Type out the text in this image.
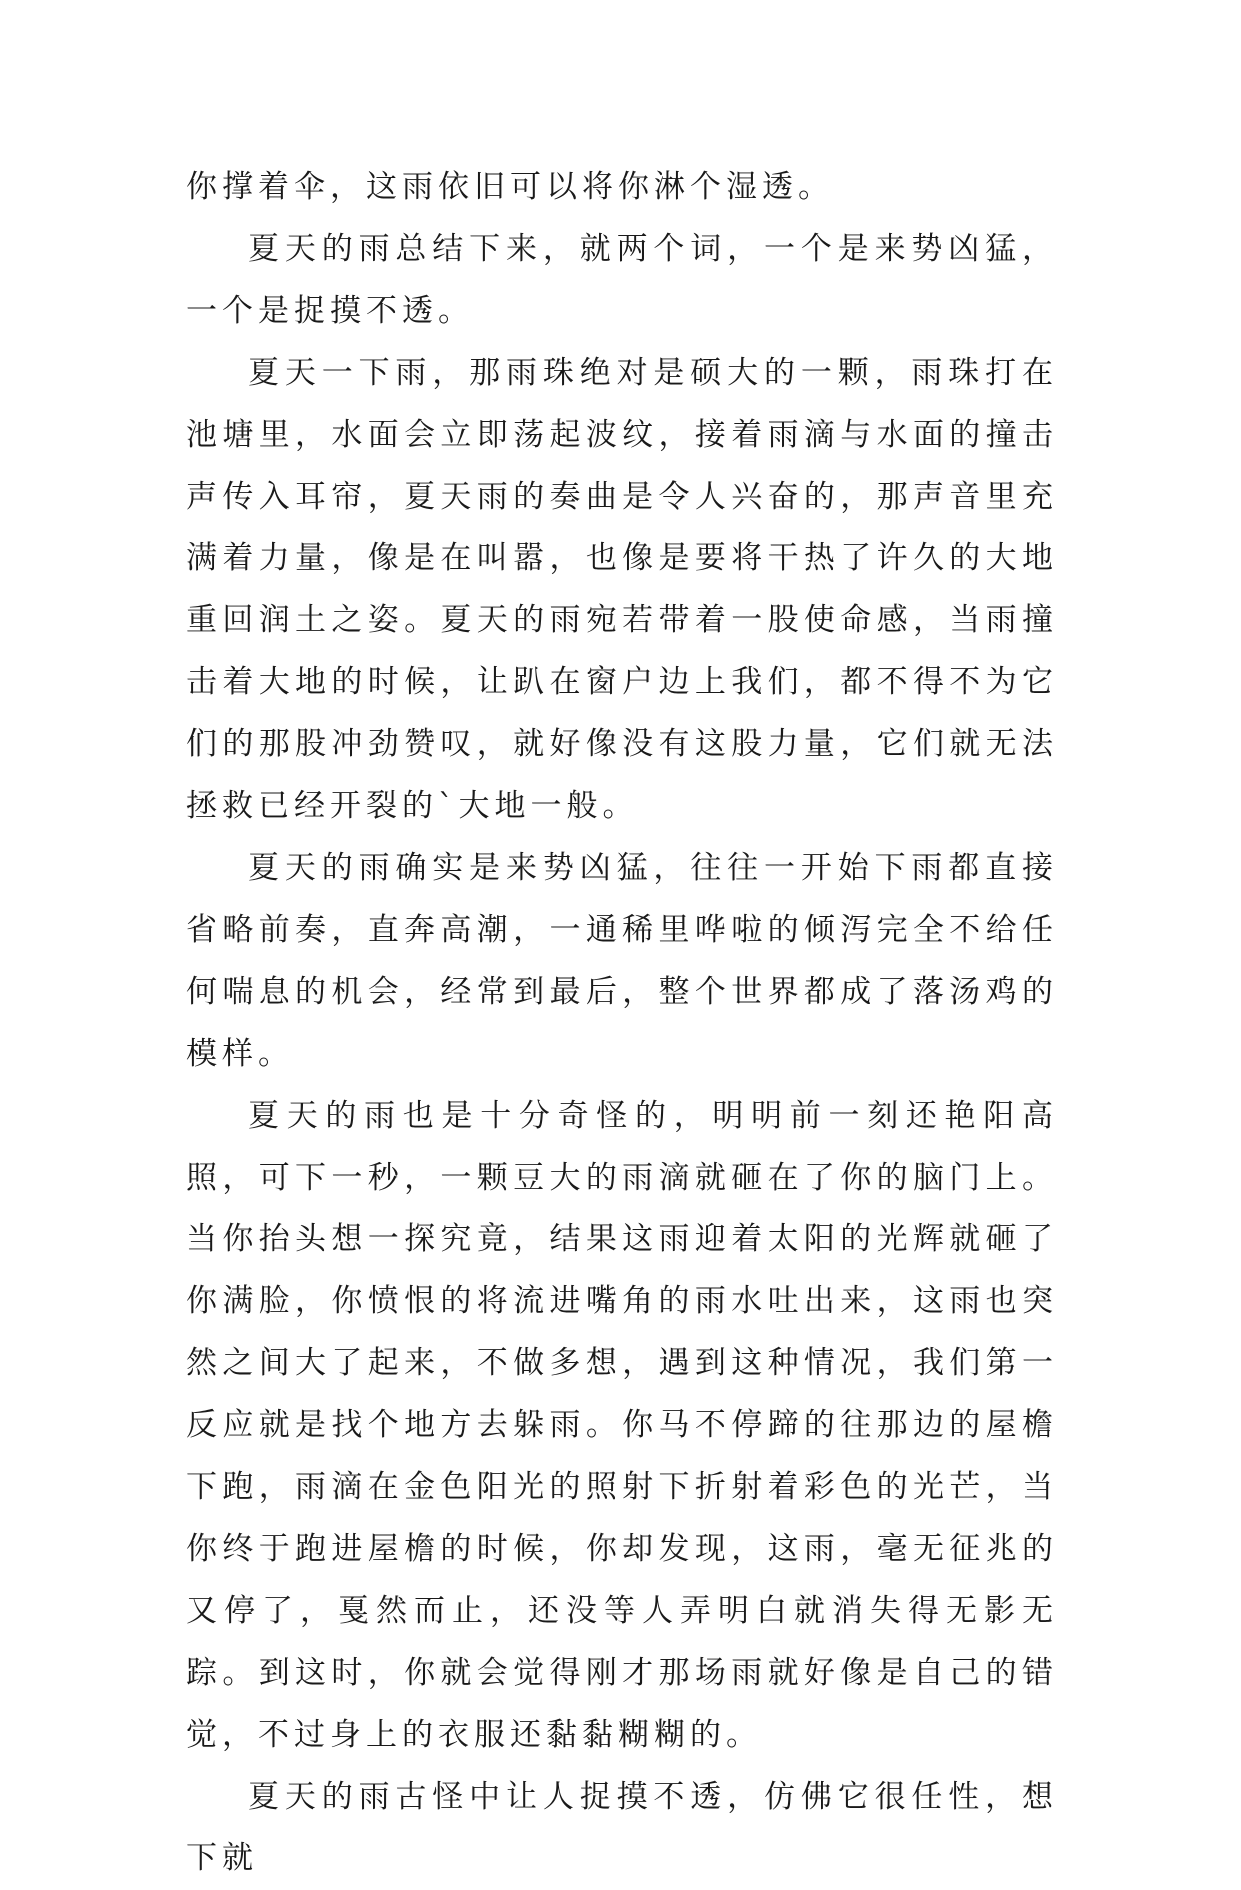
你撑着伞，这雨依旧可以将你淋个湿透。

夏天的雨总结下来，就两个词，一个是来势凶猛，一个是捉摸不透。

夏天一下雨，那雨珠绝对是硕大的一颗，雨珠打在池塘里，水面会立即荡起波纹，接着雨滴与水面的撞击声传入耳帘，夏天雨的奏曲是令人兴奋的，那声音里充满着力量，像是在叫嚣，也像是要将干热了许久的大地重回润土之姿。夏天的雨宛若带着一股使命感，当雨撞击着大地的时候，让趴在窗户边上我们，都不得不为它们的那股冲劲赞叹，就好像没有这股力量，它们就无法拯救已经开裂的`大地一般。

夏天的雨确实是来势凶猛，往往一开始下雨都直接省略前奏，直奔高潮，一通稀里哗啦的倾泻完全不给任何喘息的机会，经常到最后，整个世界都成了落汤鸡的模样。

夏天的雨也是十分奇怪的，明明前一刻还艳阳高照，可下一秒，一颗豆大的雨滴就砸在了你的脑门上。当你抬头想一探究竟，结果这雨迎着太阳的光辉就砸了你满脸，你愤恨的将流进嘴角的雨水吐出来，这雨也突然之间大了起来，不做多想，遇到这种情况，我们第一反应就是找个地方去躲雨。你马不停蹄的往那边的屋檐下跑，雨滴在金色阳光的照射下折射着彩色的光芒，当你终于跑进屋檐的时候，你却发现，这雨，毫无征兆的又停了，戛然而止，还没等人弄明白就消失得无影无踪。到这时，你就会觉得刚才那场雨就好像是自己的错觉，不过身上的衣服还黏黏糊糊的。

夏天的雨古怪中让人捉摸不透，仿佛它很任性，想下就
